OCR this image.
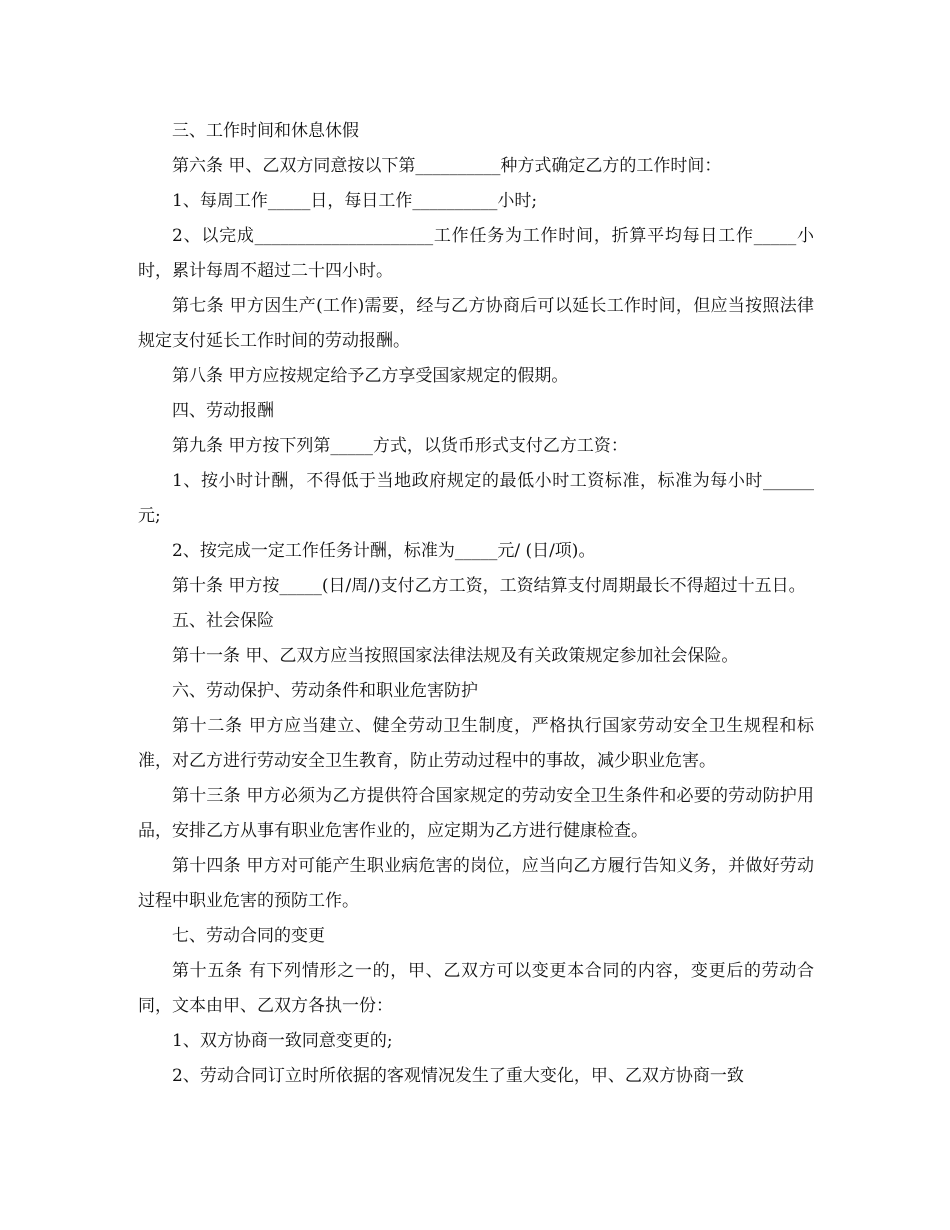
三、工作时间和休息休假

第六条 甲、乙双方同意按以下第__________种方式确定乙方的工作时间：

1、每周工作_____日，每日工作__________小时;

2、以完成_____________________工作任务为工作时间，折算平均每日工作_____小时，累计每周不超过二十四小时。

第七条 甲方因生产(工作)需要，经与乙方协商后可以延长工作时间，但应当按照法律规定支付延长工作时间的劳动报酬。

第八条 甲方应按规定给予乙方享受国家规定的假期。

四、劳动报酬

第九条 甲方按下列第_____方式，以货币形式支付乙方工资：

1、按小时计酬，不得低于当地政府规定的最低小时工资标准，标准为每小时______元;

2、按完成一定工作任务计酬，标准为_____元/ (日/项)。

第十条 甲方按_____(日/周/)支付乙方工资，工资结算支付周期最长不得超过十五日。

五、社会保险

第十一条 甲、乙双方应当按照国家法律法规及有关政策规定参加社会保险。

六、劳动保护、劳动条件和职业危害防护

第十二条 甲方应当建立、健全劳动卫生制度，严格执行国家劳动安全卫生规程和标准，对乙方进行劳动安全卫生教育，防止劳动过程中的事故，减少职业危害。

第十三条 甲方必须为乙方提供符合国家规定的劳动安全卫生条件和必要的劳动防护用品，安排乙方从事有职业危害作业的，应定期为乙方进行健康检查。

第十四条 甲方对可能产生职业病危害的岗位，应当向乙方履行告知义务，并做好劳动过程中职业危害的预防工作。

七、劳动合同的变更

第十五条 有下列情形之一的，甲、乙双方可以变更本合同的内容，变更后的劳动合同，文本由甲、乙双方各执一份：

1、双方协商一致同意变更的;

2、劳动合同订立时所依据的客观情况发生了重大变化，甲、乙双方协商一致
